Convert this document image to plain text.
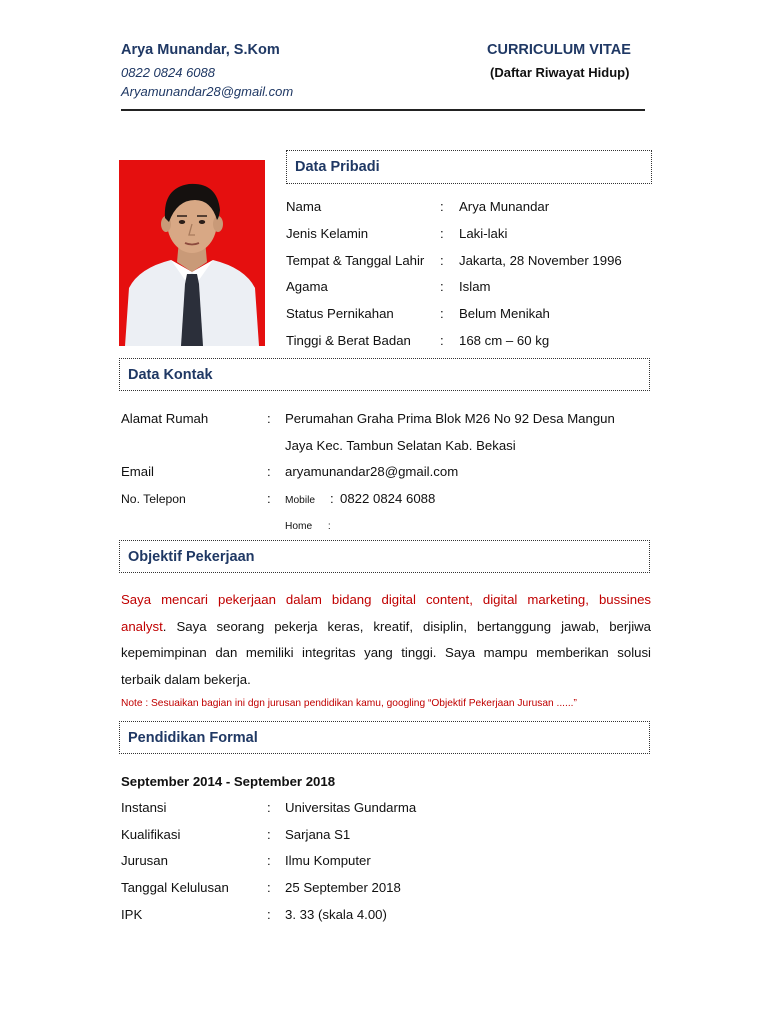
Arya Munandar, S.Kom
0822 0824 6088
Aryamunandar28@gmail.com
CURRICULUM VITAE
(Daftar Riwayat Hidup)
Data Pribadi
Nama	: Arya Munandar
Jenis Kelamin	: Laki-laki
Tempat & Tanggal Lahir : Jakarta, 28 November 1996
Agama	: Islam
Status Pernikahan	: Belum Menikah
Tinggi & Berat Badan : 168 cm – 60 kg
Data Kontak
Alamat Rumah	: Perumahan Graha Prima Blok M26 No 92 Desa Mangun
Jaya Kec. Tambun Selatan Kab. Bekasi
Email	: aryamunandar28@gmail.com
No. Telepon	: Mobile : 0822 0824 6088
Home :
Objektif Pekerjaan
Saya mencari pekerjaan dalam bidang digital content, digital marketing, bussines
analyst. Saya seorang pekerja keras, kreatif, disiplin, bertanggung jawab, berjiwa
kepemimpinan dan memiliki integritas yang tinggi. Saya mampu memberikan solusi
terbaik dalam bekerja.
Note : Sesuaikan bagian ini dgn jurusan pendidikan kamu, googling “Objektif Pekerjaan Jurusan ......”
Pendidikan Formal
September 2014 - September 2018
Instansi	: Universitas Gundarma
Kualifikasi	: Sarjana S1
Jurusan	: Ilmu Komputer
Tanggal Kelulusan	: 25 September 2018
IPK	: 3. 33 (skala 4.00)
